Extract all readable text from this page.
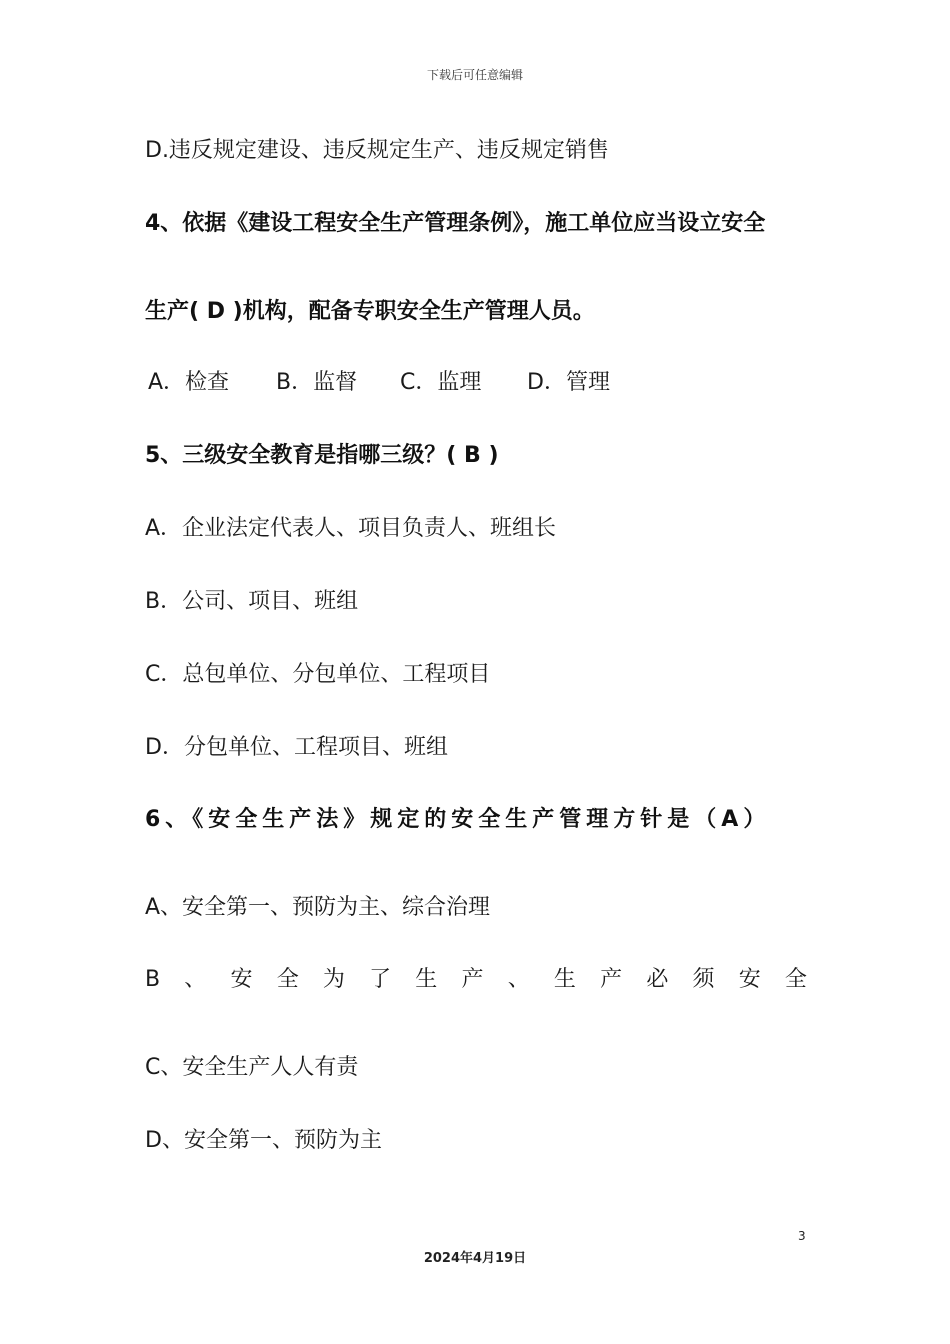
下载后可任意编辑
D.违反规定建设、违反规定生产、违反规定销售
4、依据《建设工程安全生产管理条例》，施工单位应当设立安全
生产( D )机构，配备专职安全生产管理人员。
A．检查 B．监督 C．监理 D．管理
5、三级安全教育是指哪三级？( B )
A．企业法定代表人、项目负责人、班组长
B．公司、项目、班组
C．总包单位、分包单位、工程项目
D．分包单位、工程项目、班组
6、《安全生产法》规定的安全生产管理方针是（A）
A、安全第一、预防为主、综合治理
B 、 安 全 为 了 生 产 、 生 产 必 须 安 全
C、安全生产人人有责
D、安全第一、预防为主
3
2024年4月19日
